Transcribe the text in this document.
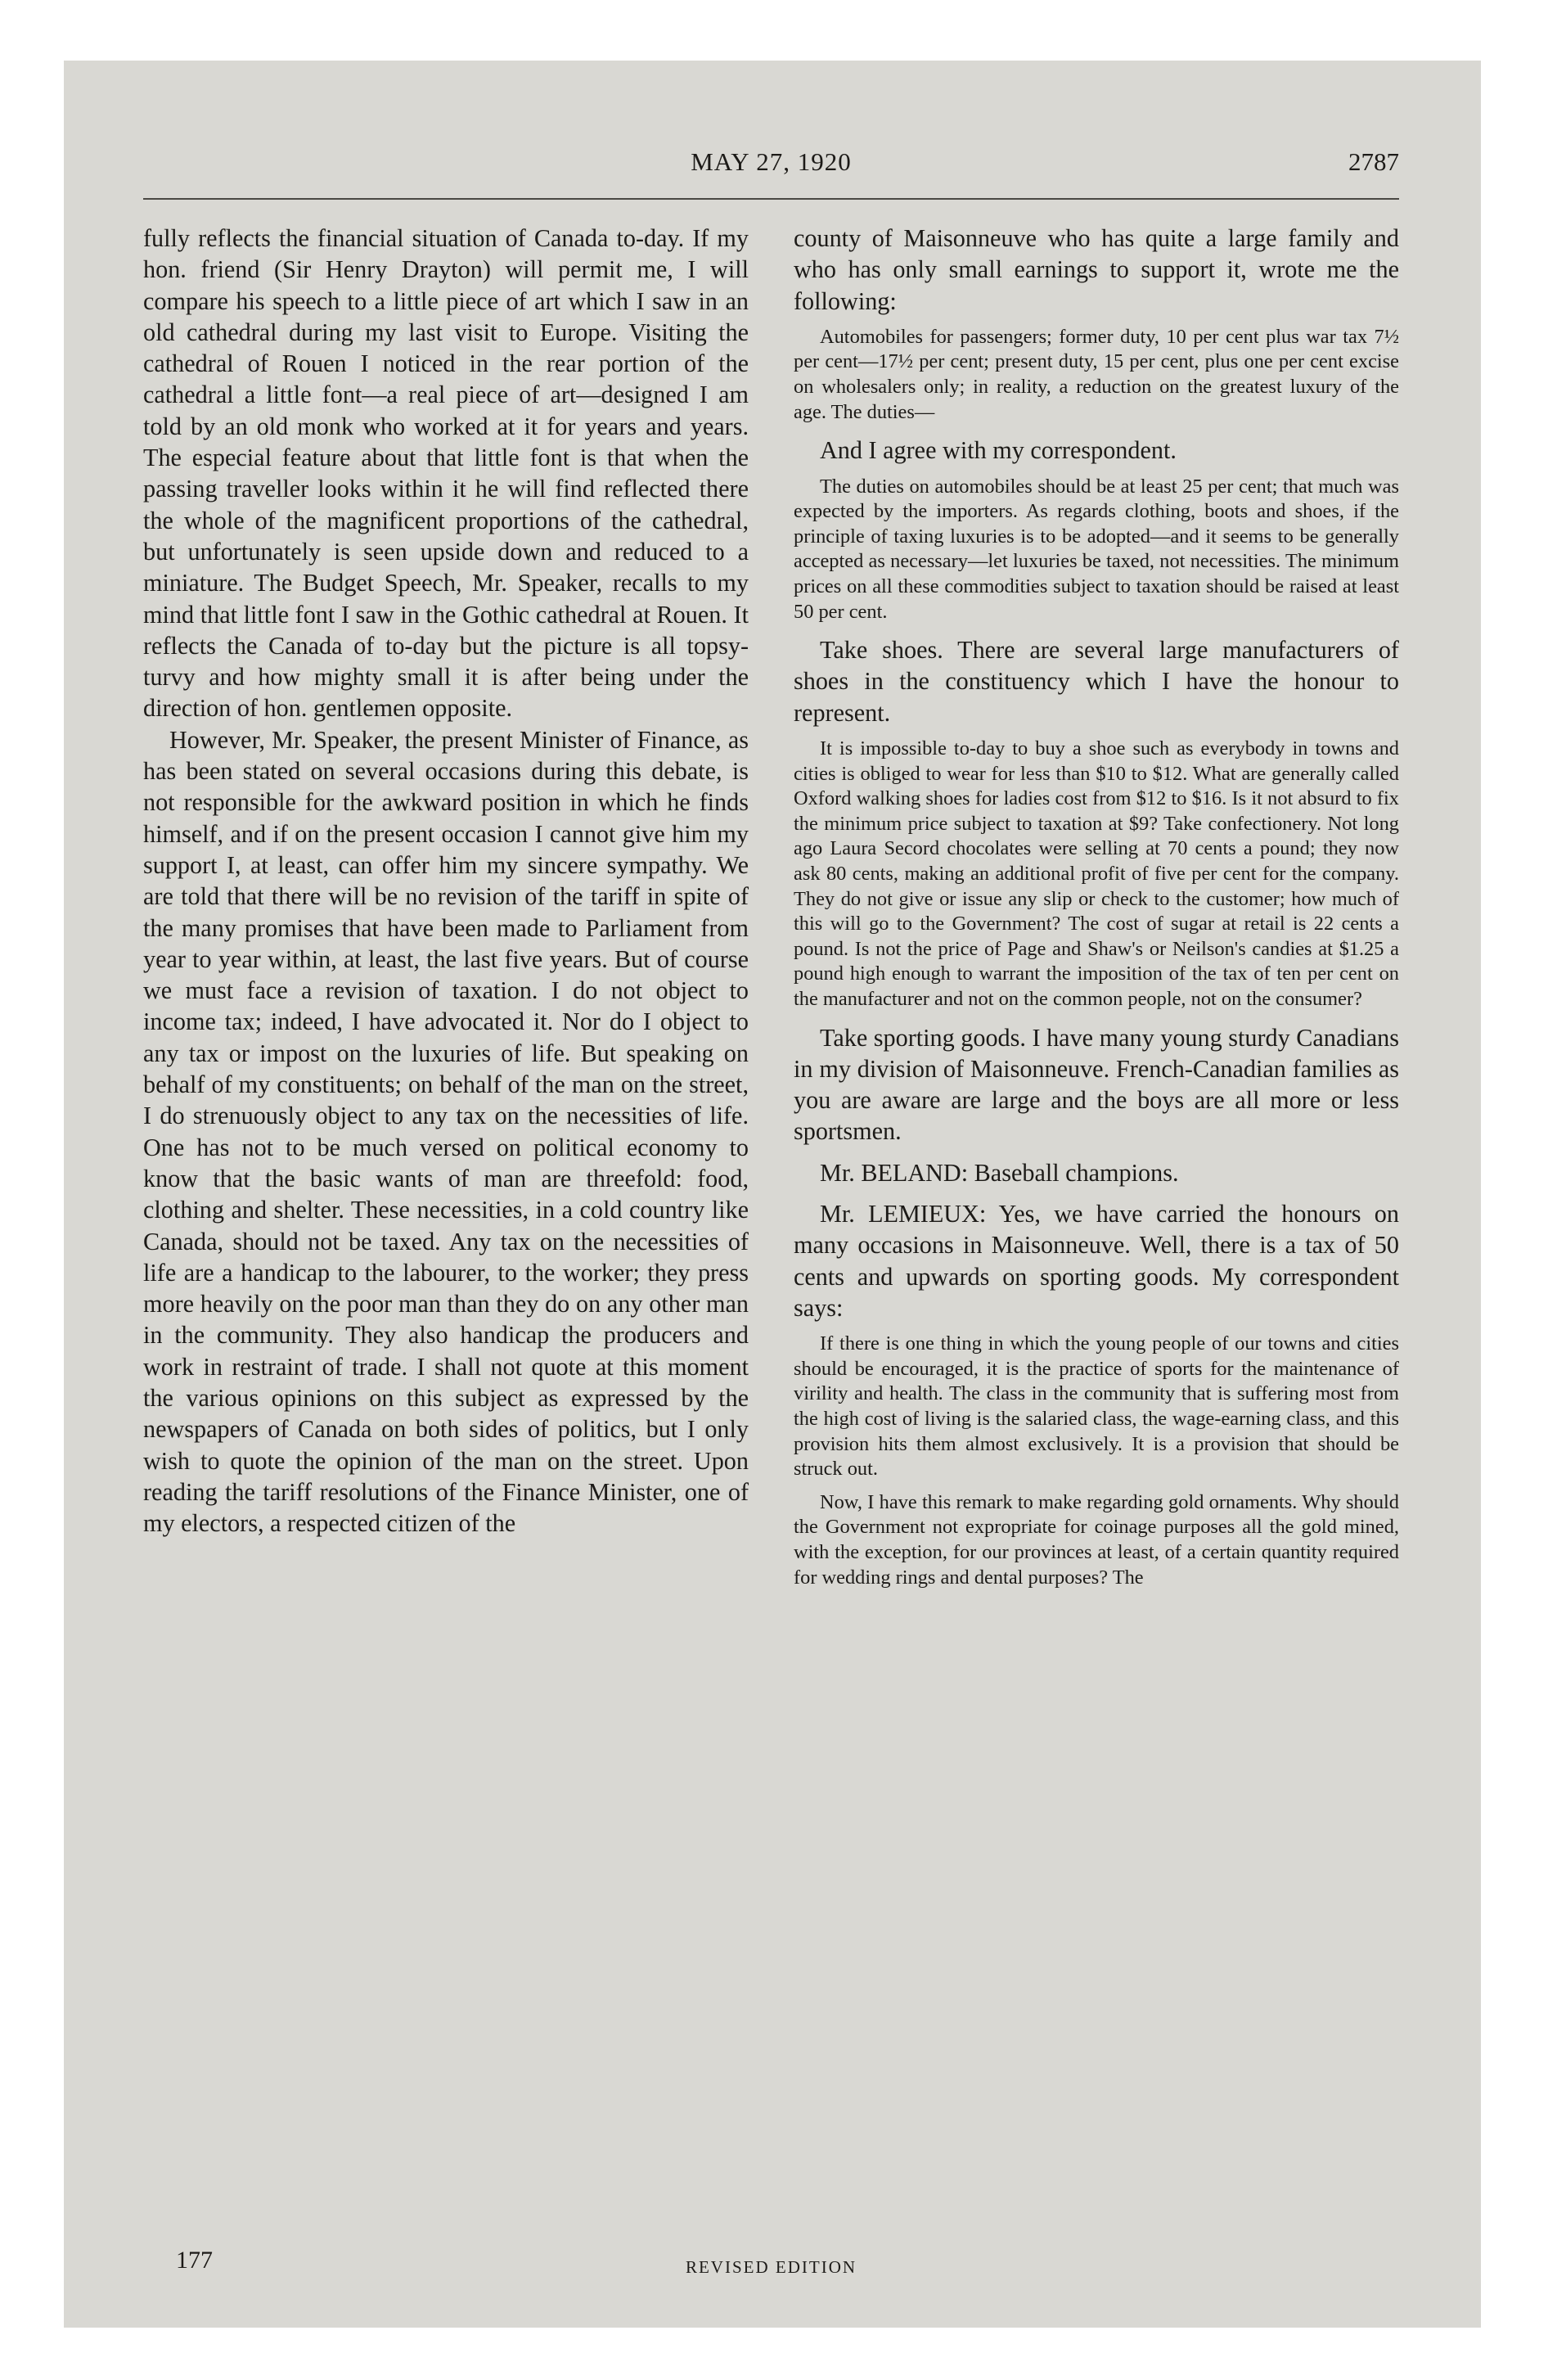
MAY 27, 1920	2787

fully reflects the financial situation of Canada to-day. If my hon. friend (Sir Henry Drayton) will permit me, I will compare his speech to a little piece of art which I saw in an old cathedral during my last visit to Europe. Visiting the cathedral of Rouen I noticed in the rear portion of the cathedral a little font—a real piece of art—designed I am told by an old monk who worked at it for years and years. The especial feature about that little font is that when the passing traveller looks within it he will find reflected there the whole of the magnificent proportions of the cathedral, but unfortunately is seen upside down and reduced to a miniature. The Budget Speech, Mr. Speaker, recalls to my mind that little font I saw in the Gothic cathedral at Rouen. It reflects the Canada of to-day but the picture is all topsy-turvy and how mighty small it is after being under the direction of hon. gentlemen opposite.

However, Mr. Speaker, the present Minister of Finance, as has been stated on several occasions during this debate, is not responsible for the awkward position in which he finds himself, and if on the present occasion I cannot give him my support I, at least, can offer him my sincere sympathy. We are told that there will be no revision of the tariff in spite of the many promises that have been made to Parliament from year to year within, at least, the last five years. But of course we must face a revision of taxation. I do not object to income tax; indeed, I have advocated it. Nor do I object to any tax or impost on the luxuries of life. But speaking on behalf of my constituents; on behalf of the man on the street, I do strenuously object to any tax on the necessities of life. One has not to be much versed on political economy to know that the basic wants of man are threefold: food, clothing and shelter. These necessities, in a cold country like Canada, should not be taxed. Any tax on the necessities of life are a handicap to the labourer, to the worker; they press more heavily on the poor man than they do on any other man in the community. They also handicap the producers and work in restraint of trade. I shall not quote at this moment the various opinions on this subject as expressed by the newspapers of Canada on both sides of politics, but I only wish to quote the opinion of the man on the street. Upon reading the tariff resolutions of the Finance Minister, one of my electors, a respected citizen of the

county of Maisonneuve who has quite a large family and who has only small earnings to support it, wrote me the following:

Automobiles for passengers; former duty, 10 per cent plus war tax 7½ per cent—17½ per cent; present duty, 15 per cent, plus one per cent excise on wholesalers only; in reality, a reduction on the greatest luxury of the age. The duties—

And I agree with my correspondent.

The duties on automobiles should be at least 25 per cent; that much was expected by the importers. As regards clothing, boots and shoes, if the principle of taxing luxuries is to be adopted—and it seems to be generally accepted as necessary—let luxuries be taxed, not necessities. The minimum prices on all these commodities subject to taxation should be raised at least 50 per cent.

Take shoes. There are several large manufacturers of shoes in the constituency which I have the honour to represent.

It is impossible to-day to buy a shoe such as everybody in towns and cities is obliged to wear for less than $10 to $12. What are generally called Oxford walking shoes for ladies cost from $12 to $16. Is it not absurd to fix the minimum price subject to taxation at $9? Take confectionery. Not long ago Laura Secord chocolates were selling at 70 cents a pound; they now ask 80 cents, making an additional profit of five per cent for the company. They do not give or issue any slip or check to the customer; how much of this will go to the Government? The cost of sugar at retail is 22 cents a pound. Is not the price of Page and Shaw's or Neilson's candies at $1.25 a pound high enough to warrant the imposition of the tax of ten per cent on the manufacturer and not on the common people, not on the consumer?

Take sporting goods. I have many young sturdy Canadians in my division of Maisonneuve. French-Canadian families as you are aware are large and the boys are all more or less sportsmen.

Mr. BELAND: Baseball champions.

Mr. LEMIEUX: Yes, we have carried the honours on many occasions in Maisonneuve. Well, there is a tax of 50 cents and upwards on sporting goods. My correspondent says:

If there is one thing in which the young people of our towns and cities should be encouraged, it is the practice of sports for the maintenance of virility and health. The class in the community that is suffering most from the high cost of living is the salaried class, the wage-earning class, and this provision hits them almost exclusively. It is a provision that should be struck out.

Now, I have this remark to make regarding gold ornaments. Why should the Government not expropriate for coinage purposes all the gold mined, with the exception, for our provinces at least, of a certain quantity required for wedding rings and dental purposes? The

177	REVISED EDITION
